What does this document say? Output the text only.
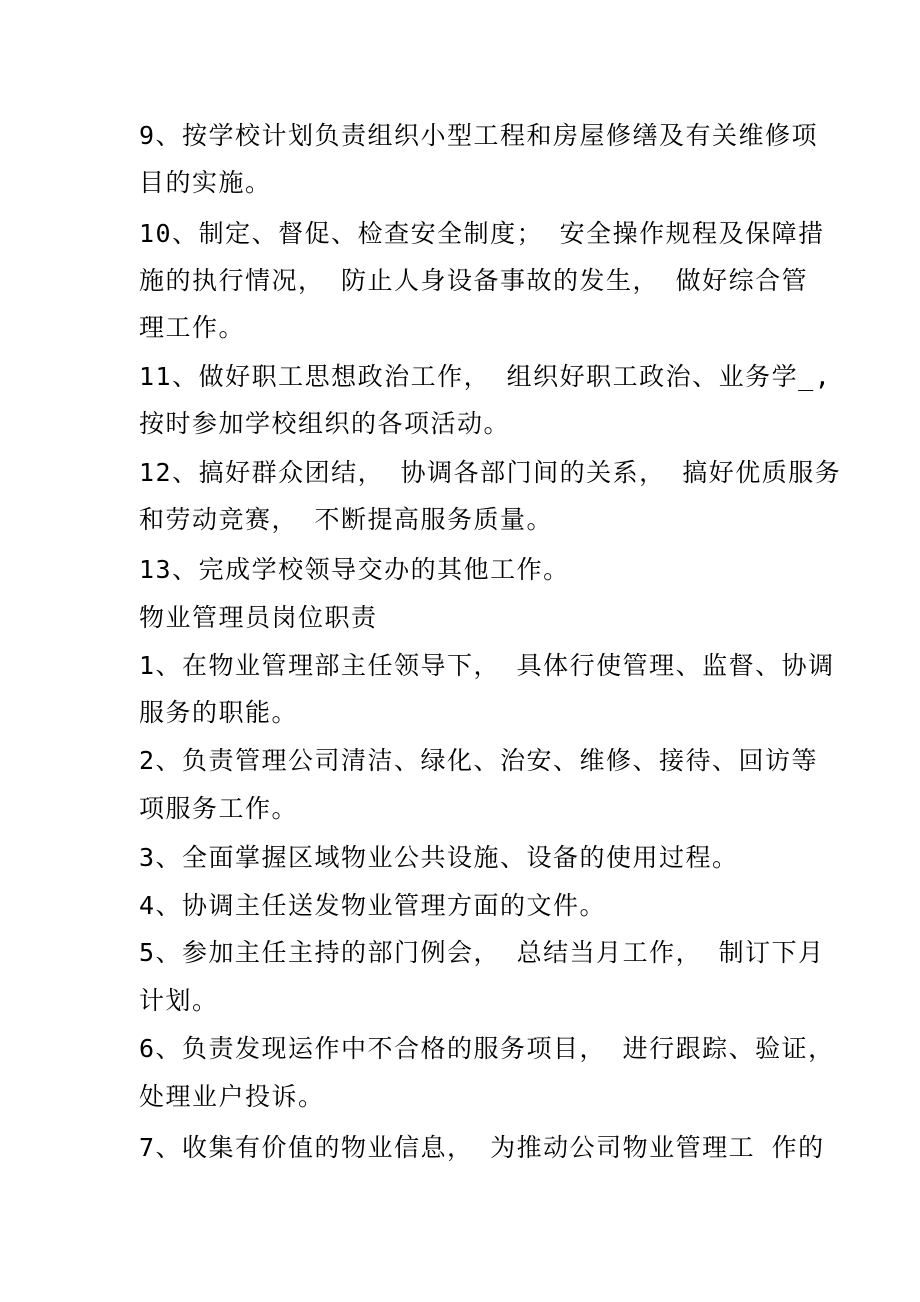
9、按学校计划负责组织小型工程和房屋修缮及有关维修项
目的实施。
10、制定、督促、检查安全制度； 安全操作规程及保障措
施的执行情况， 防止人身设备事故的发生， 做好综合管
理工作。
11、做好职工思想政治工作， 组织好职工政治、业务学_,
按时参加学校组织的各项活动。
12、搞好群众团结， 协调各部门间的关系， 搞好优质服务
和劳动竞赛， 不断提高服务质量。
13、完成学校领导交办的其他工作。
物业管理员岗位职责
1、在物业管理部主任领导下， 具体行使管理、监督、协调
服务的职能。
2、负责管理公司清洁、绿化、治安、维修、接待、回访等
项服务工作。
3、全面掌握区域物业公共设施、设备的使用过程。
4、协调主任送发物业管理方面的文件。
5、参加主任主持的部门例会， 总结当月工作， 制订下月
计划。
6、负责发现运作中不合格的服务项目， 进行跟踪、验证，
处理业户投诉。
7、收集有价值的物业信息， 为推动公司物业管理工 作的
